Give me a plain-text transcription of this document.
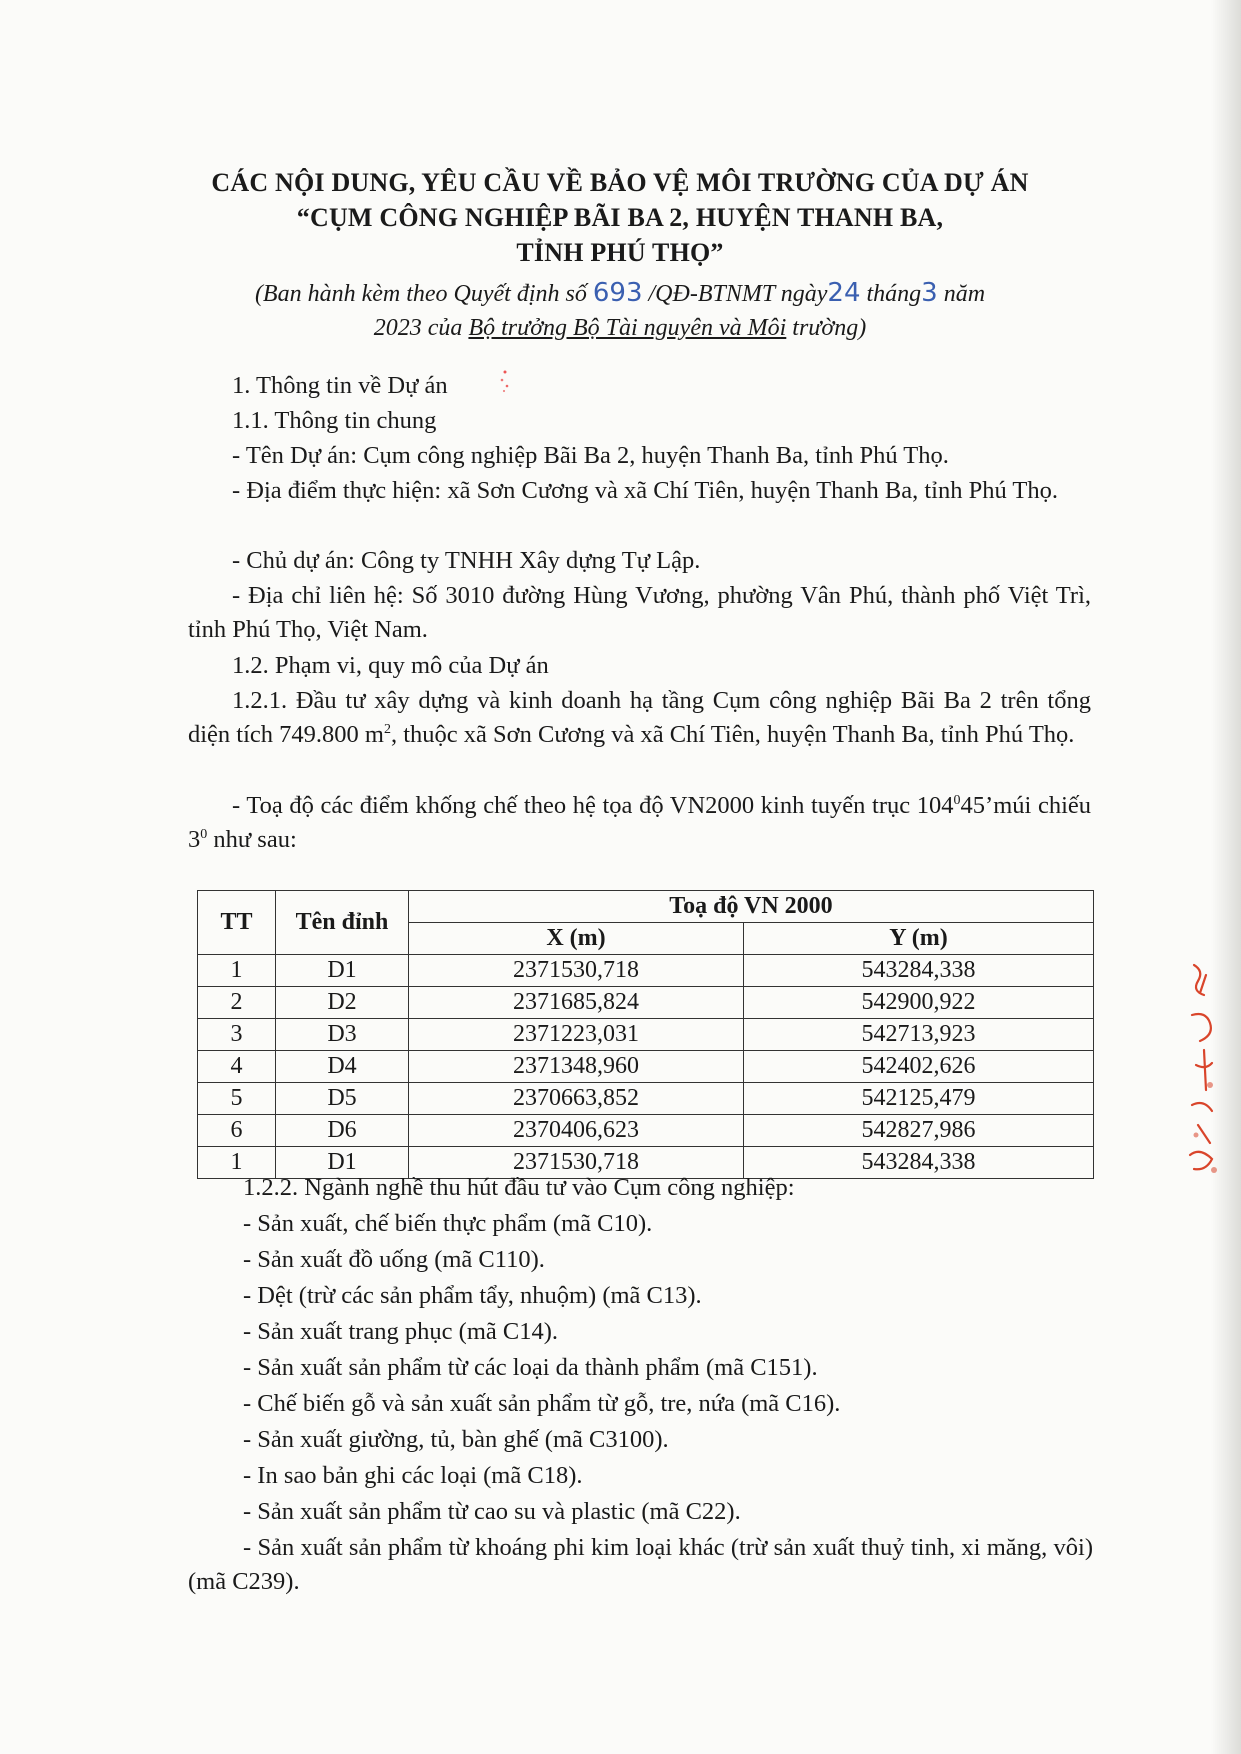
CÁC NỘI DUNG, YÊU CẦU VỀ BẢO VỆ MÔI TRƯỜNG CỦA DỰ ÁN
“CỤM CÔNG NGHIỆP BÃI BA 2, HUYỆN THANH BA,
TỈNH PHÚ THỌ”
(Ban hành kèm theo Quyết định số 693 /QĐ-BTNMT ngày24 tháng3 năm
2023 của Bộ trưởng Bộ Tài nguyên và Môi trường)

1. Thông tin về Dự án

1.1. Thông tin chung

- Tên Dự án: Cụm công nghiệp Bãi Ba 2, huyện Thanh Ba, tỉnh Phú Thọ.

- Địa điểm thực hiện: xã Sơn Cương và xã Chí Tiên, huyện Thanh Ba, tỉnh Phú Thọ.

- Chủ dự án: Công ty TNHH Xây dựng Tự Lập.

- Địa chỉ liên hệ: Số 3010 đường Hùng Vương, phường Vân Phú, thành phố Việt Trì, tỉnh Phú Thọ, Việt Nam.

1.2. Phạm vi, quy mô của Dự án

1.2.1. Đầu tư xây dựng và kinh doanh hạ tầng Cụm công nghiệp Bãi Ba 2 trên tổng diện tích 749.800 $m^2$, thuộc xã Sơn Cương và xã Chí Tiên, huyện Thanh Ba, tỉnh Phú Thọ.

- Toạ độ các điểm khống chế theo hệ tọa độ VN2000 kinh tuyến trục $104^045’múi$ chiếu $3^0$ như sau:

TT	Tên đỉnh	Toạ độ VN 2000	
		X (m)	Y (m)
1	D1	2371530,718	543284,338
2	D2	2371685,824	542900,922
3	D3	2371223,031	542713,923
4	D4	2371348,960	542402,626
5	D5	2370663,852	542125,479
6	D6	2370406,623	542827,986
1	D1	2371530,718	543284,338

1.2.2. Ngành nghề thu hút đầu tư vào Cụm công nghiệp:

- Sản xuất, chế biến thực phẩm (mã C10).

- Sản xuất đồ uống (mã C110).

- Dệt (trừ các sản phẩm tẩy, nhuộm) (mã C13).

- Sản xuất trang phục (mã C14).

- Sản xuất sản phẩm từ các loại da thành phẩm (mã C151).

- Chế biến gỗ và sản xuất sản phẩm từ gỗ, tre, nứa (mã C16).

- Sản xuất giường, tủ, bàn ghế (mã C3100).

- In sao bản ghi các loại (mã C18).

- Sản xuất sản phẩm từ cao su và plastic (mã C22).

- Sản xuất sản phẩm từ khoáng phi kim loại khác (trừ sản xuất thuỷ tinh, xi măng, vôi) (mã C239).
